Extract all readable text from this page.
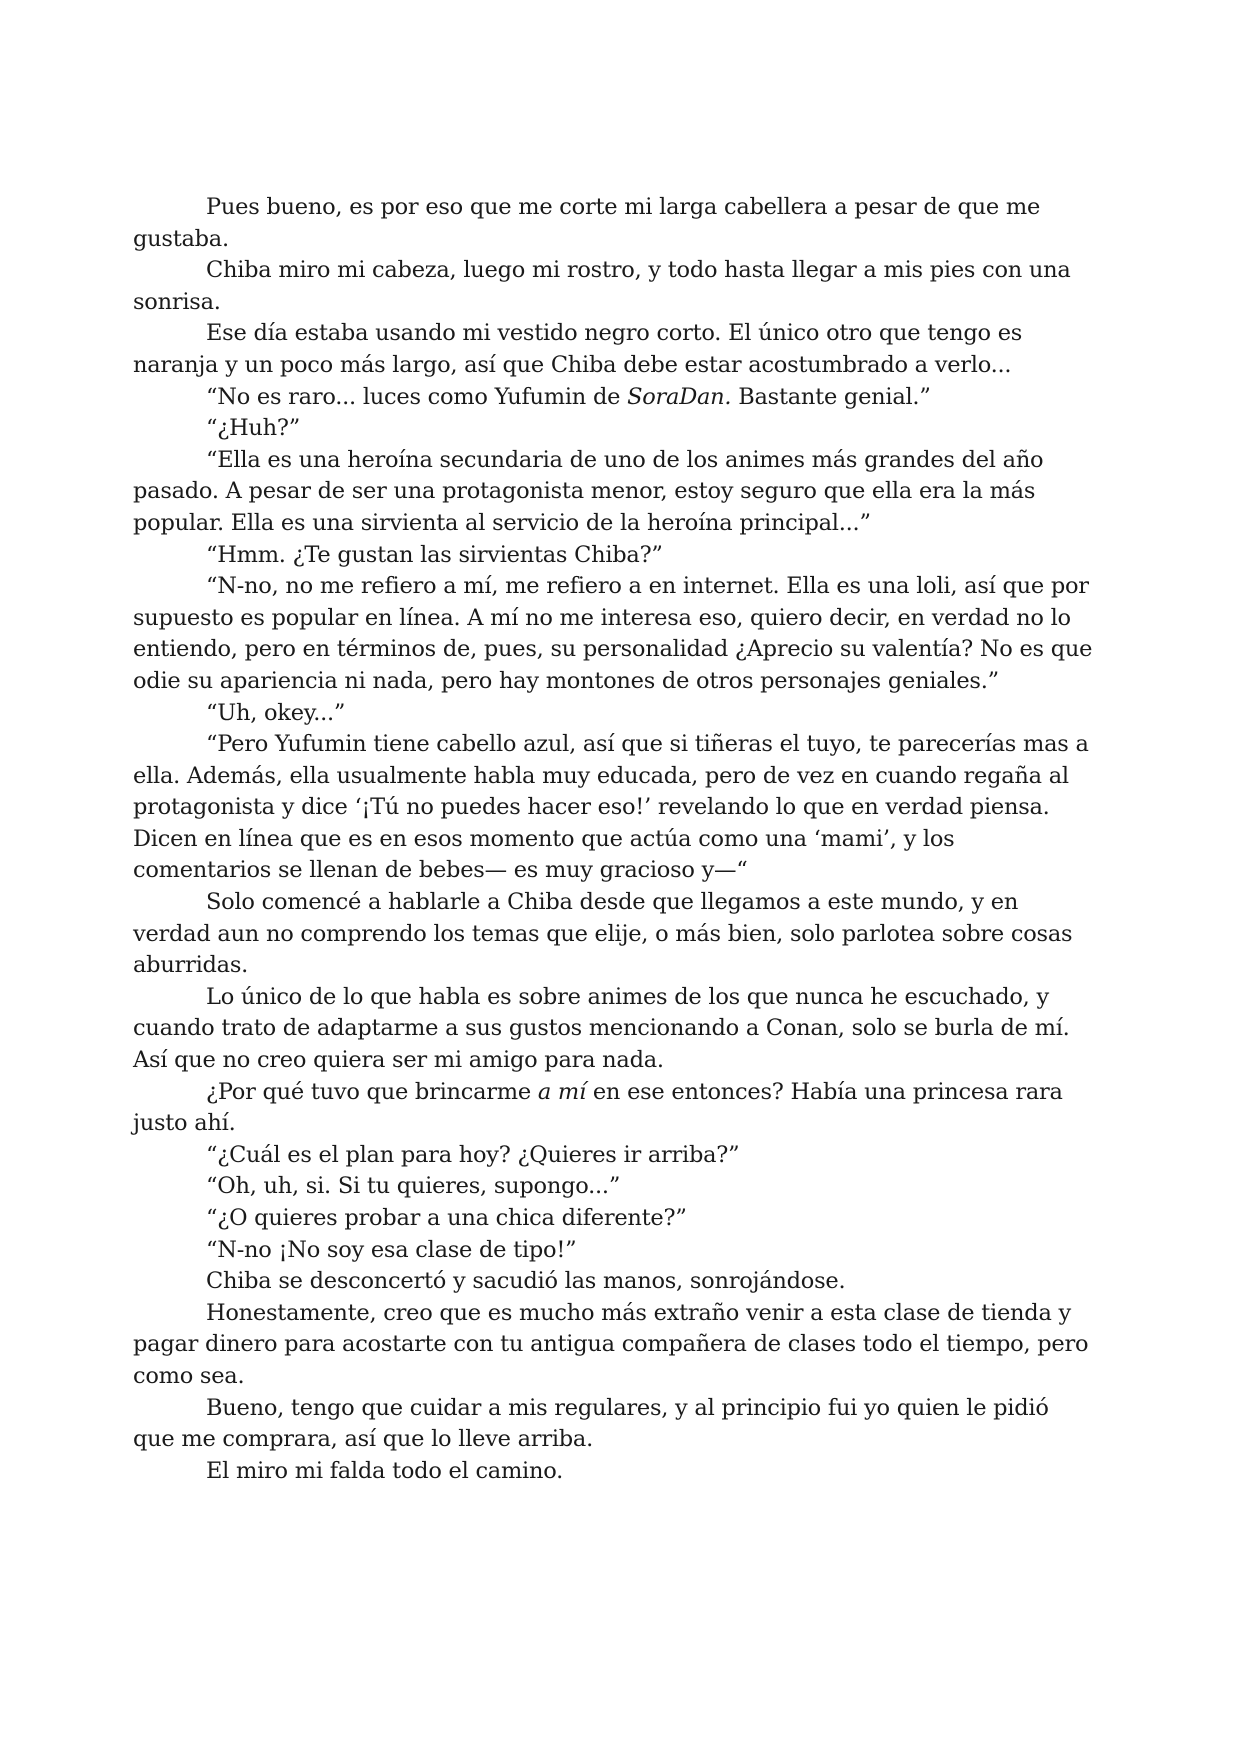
Pues bueno, es por eso que me corte mi larga cabellera a pesar de que me gustaba.

Chiba miro mi cabeza, luego mi rostro, y todo hasta llegar a mis pies con una sonrisa.

Ese día estaba usando mi vestido negro corto. El único otro que tengo es naranja y un poco más largo, así que Chiba debe estar acostumbrado a verlo...

“No es raro... luces como Yufumin de SoraDan. Bastante genial.”

“¿Huh?”

“Ella es una heroína secundaria de uno de los animes más grandes del año pasado. A pesar de ser una protagonista menor, estoy seguro que ella era la más popular. Ella es una sirvienta al servicio de la heroína principal...”

“Hmm. ¿Te gustan las sirvientas Chiba?”

“N-no, no me refiero a mí, me refiero a en internet. Ella es una loli, así que por supuesto es popular en línea. A mí no me interesa eso, quiero decir, en verdad no lo entiendo, pero en términos de, pues, su personalidad ¿Aprecio su valentía? No es que odie su apariencia ni nada, pero hay montones de otros personajes geniales.”

“Uh, okey...”

“Pero Yufumin tiene cabello azul, así que si tiñeras el tuyo, te parecerías mas a ella. Además, ella usualmente habla muy educada, pero de vez en cuando regaña al protagonista y dice ‘¡Tú no puedes hacer eso!’ revelando lo que en verdad piensa. Dicen en línea que es en esos momento que actúa como una ‘mami’, y los comentarios se llenan de bebes— es muy gracioso y—“

Solo comencé a hablarle a Chiba desde que llegamos a este mundo, y en verdad aun no comprendo los temas que elije, o más bien, solo parlotea sobre cosas aburridas.

Lo único de lo que habla es sobre animes de los que nunca he escuchado, y cuando trato de adaptarme a sus gustos mencionando a Conan, solo se burla de mí. Así que no creo quiera ser mi amigo para nada.

¿Por qué tuvo que brincarme a mí en ese entonces? Había una princesa rara justo ahí.

“¿Cuál es el plan para hoy? ¿Quieres ir arriba?”

“Oh, uh, si. Si tu quieres, supongo...”

“¿O quieres probar a una chica diferente?”

“N-no ¡No soy esa clase de tipo!”

Chiba se desconcertó y sacudió las manos, sonrojándose.

Honestamente, creo que es mucho más extraño venir a esta clase de tienda y pagar dinero para acostarte con tu antigua compañera de clases todo el tiempo, pero como sea.

Bueno, tengo que cuidar a mis regulares, y al principio fui yo quien le pidió que me comprara, así que lo lleve arriba.

El miro mi falda todo el camino.
